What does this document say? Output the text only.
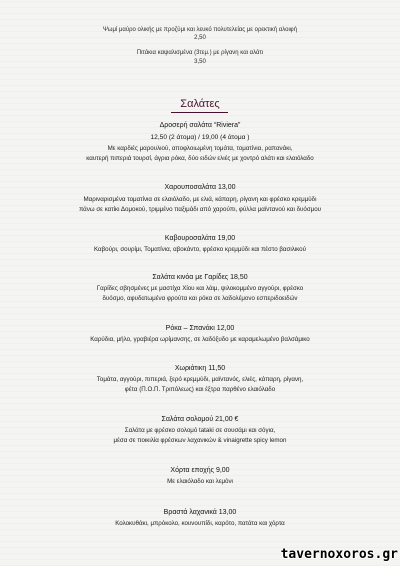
Ψωμί μαύρο ολικής με προζύμι και λευκό πολυτελείας με ορεκτική αλοιφή
2,50
Πιτάκια καψαλισμένα (3τεμ.) με ρίγανη και αλάτι
3,50
Σαλάτες
Δροσερή σαλάτα “Riviera”
12,50 (2 άτομα) / 19,00 (4 άτομα )
Με καρδιές μαρουλιού, αποφλοιωμένη τομάτα, τοματίνια, ραπανάκι,
καυτερή πιπεριά τουρσί, άγρια ρόκα, δύο ειδών ελιές με χοντρό αλάτι και ελαιόλαδο
Χαρουποσαλάτα 13,00
Μαριναρισμένα τοματίνια σε ελαιόλαδο, με ελιά, κάπαρη, ρίγανη και φρέσκο κρεμμύδι
πάνω σε κατίκι Δομοκού, τριμμένο παξιμάδι από χαρούπι, φύλλα μαϊντανού και δυόσμου
Καβουροσαλάτα 19,00
Καβούρι, σουρίμι, Τοματίνια, αβοκάντο, φρέσκο κρεμμύδι και πέστο βασιλικού
Σαλάτα κινόα με Γαρίδες 18,50
Γαρίδες σβησμένες με μαστίχα Χίου και λάιμ, ψιλοκομμένο αγγούρι, φρέσκο
δυόσμο, αφυδατωμένα φρούτα και ρόκα σε λαδολέμονο εσπεριδοειδών
Ρόκα – Σπανάκι 12,00
Καρύδια, μήλο, γραβιέρα ωρίμανσης, σε λαδόξυδο με καραμελωμένο βαλσάμικο
Χωριάτικη 11,50
Τομάτα, αγγούρι, πιπεριά, ξερό κρεμμύδι, μαϊντανός, ελιές, κάπαρη, ρίγανη,
φέτα (Π.Ο.Π. Τριπόλεως) και έξτρα παρθένο ελαιόλαδο
Σαλάτα σολομού 21,00 €
Σαλάτα με φρέσκο σολομό tataki σε σουσάμι και σόγια,
μέσα σε ποικιλία φρέσκων λαχανικών & vinaigrette spicy lemon
Χόρτα εποχής 9,00
Με ελαιόλαδο και λεμόνι
Βραστά λαχανικά 13,00
Κολοκυθάκι, μπρόκολο, κουνουπίδι, καρότο, πατάτα και χόρτα
tavernoxoros.gr
